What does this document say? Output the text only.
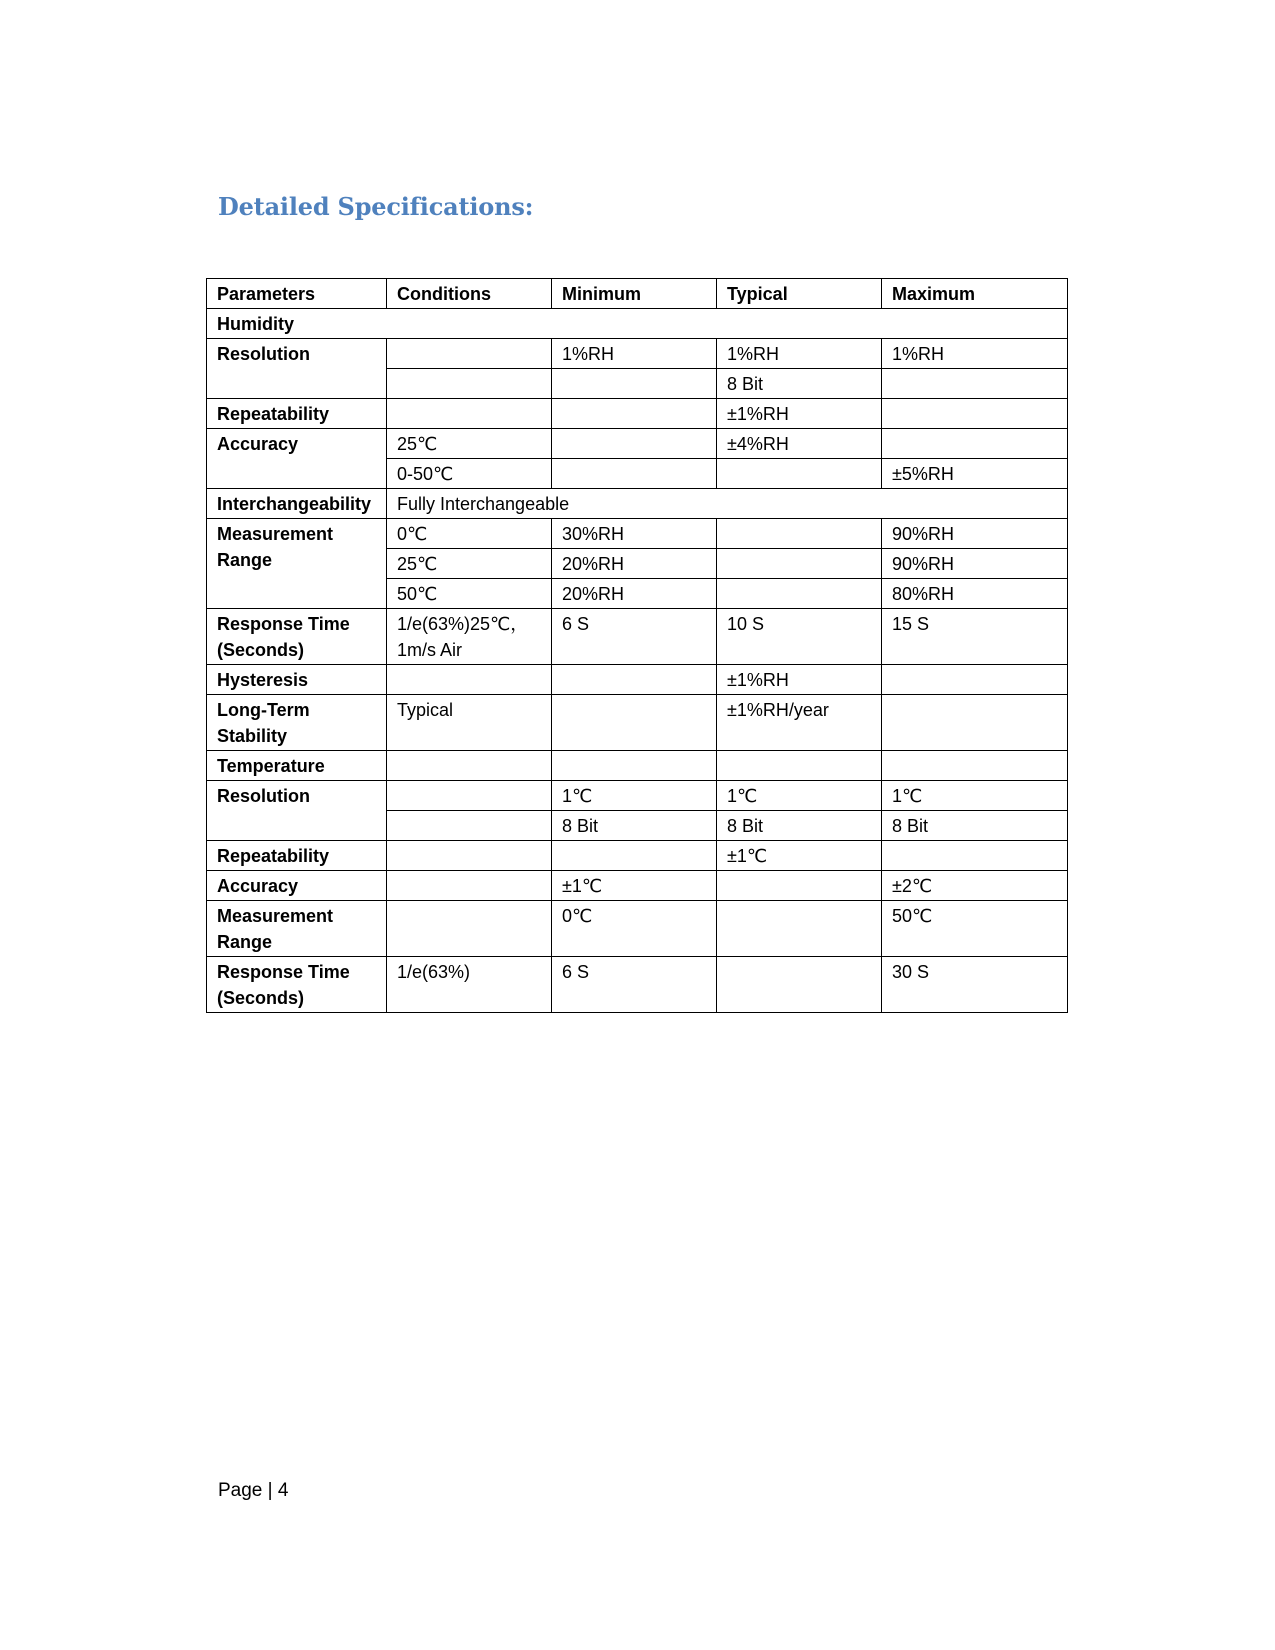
Detailed Specifications:
Parameters	Conditions	Minimum	Typical	Maximum
Humidity				
Resolution		1%RH	1%RH	1%RH
			8 Bit	
Repeatability			±1%RH	
Accuracy	25℃		±4%RH	
	0-50℃			±5%RH
Interchangeability	Fully Interchangeable			
Measurement Range	0℃	30%RH		90%RH
	25℃	20%RH		90%RH
	50℃	20%RH		80%RH
Response Time (Seconds)	1/e(63%)25℃，1m/s Air	6 S	10 S	15 S
Hysteresis			±1%RH	
Long-Term Stability	Typical		±1%RH/year	
Temperature				
Resolution		1℃	1℃	1℃
		8 Bit	8 Bit	8 Bit
Repeatability			±1℃	
Accuracy		±1℃		±2℃
Measurement Range		0℃		50℃
Response Time (Seconds)	1/e(63%)	6 S		30 S
Page | 4
